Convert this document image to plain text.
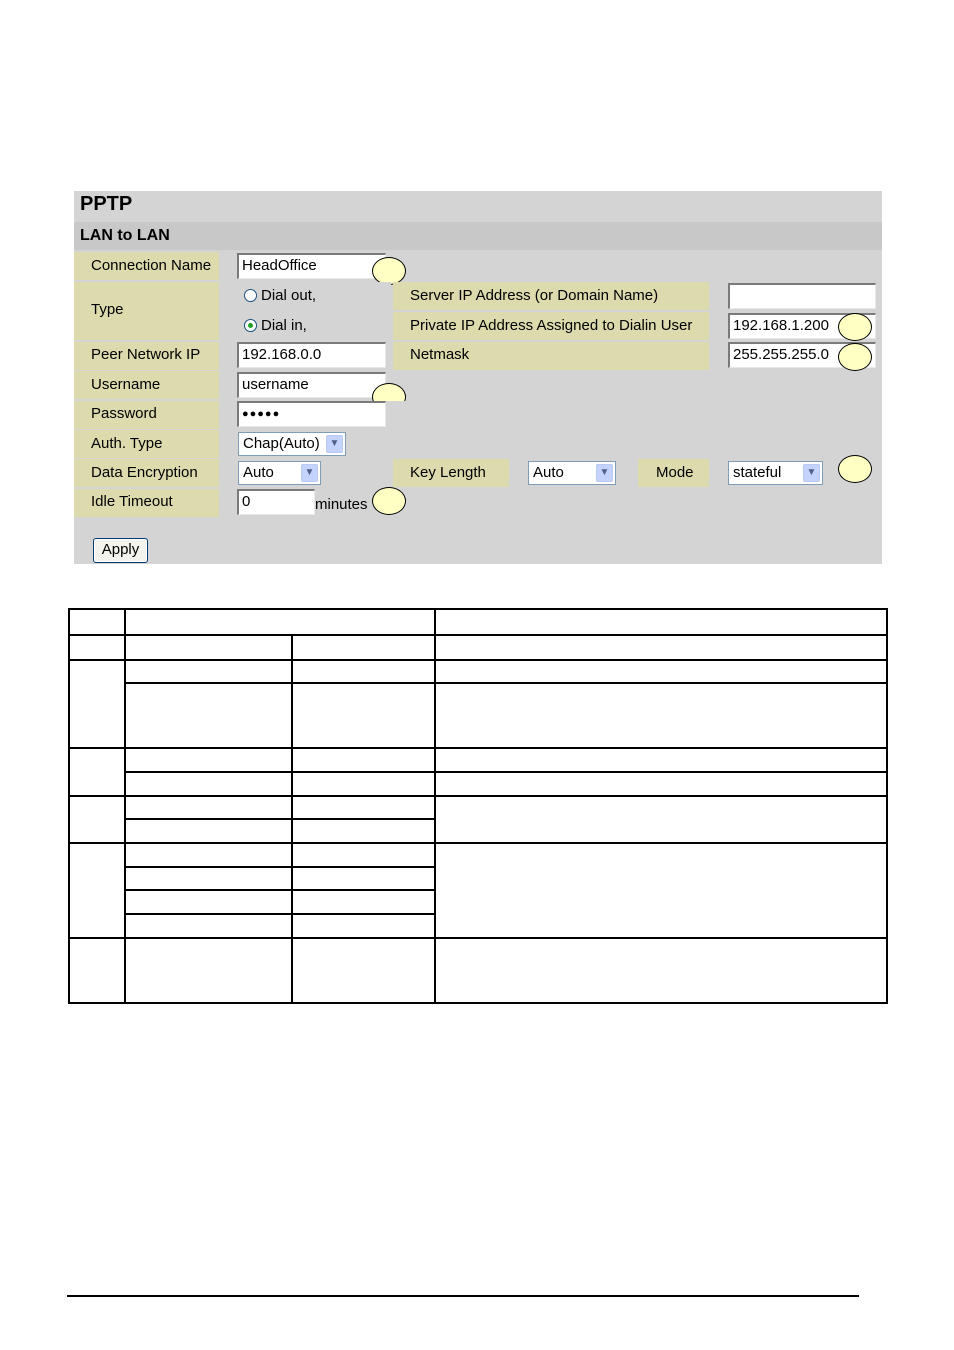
PPTP
LAN to LAN
Connection Name	HeadOffice
Type
Dial out,	Server IP Address (or Domain Name)
Dial in,	Private IP Address Assigned to Dialin User	192.168.1.200
Peer Network IP	192.168.0.0	Netmask	255.255.255.0
Username	username
Password	●●●●●
Auth. Type	Chap(Auto) ▼
Data Encryption	Auto	▼	Key Length	Auto	▼	Mode	stateful	▼
Idle Timeout	0	minutes
Apply
